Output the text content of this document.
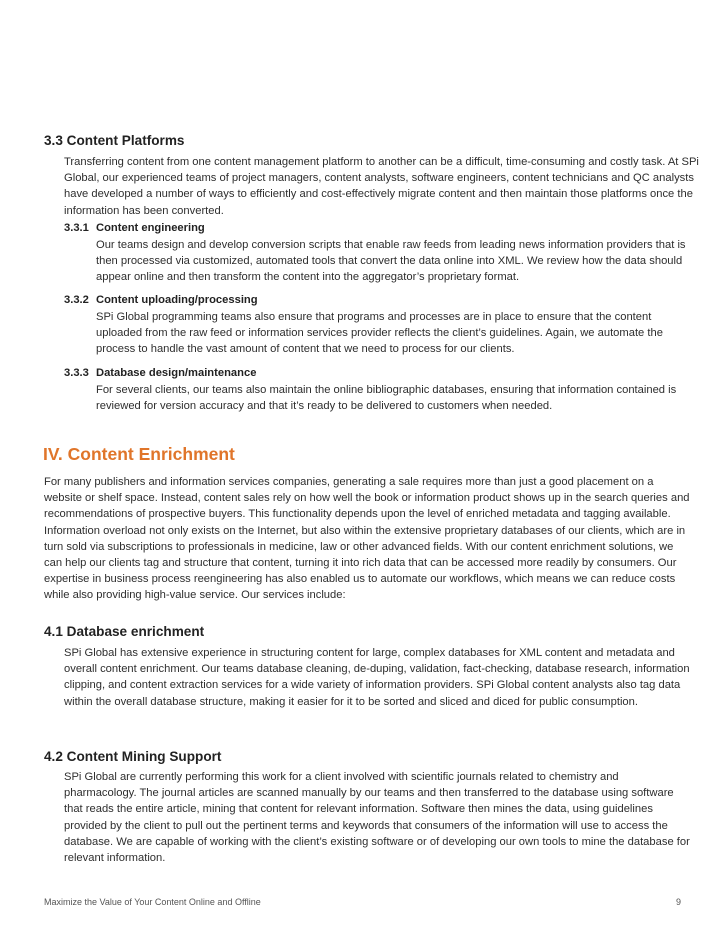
3.3 Content Platforms

Transferring content from one content management platform to another can be a difficult, time-consuming and costly task. At SPi Global, our experienced teams of project managers, content analysts, software engineers, content technicians and QC analysts have developed a number of ways to efficiently and cost-effectively migrate content and then maintain those platforms once the information has been converted.

3.3.1 Content engineering

Our teams design and develop conversion scripts that enable raw feeds from leading news information providers that is then processed via customized, automated tools that convert the data online into XML. We review how the data should appear online and then transform the content into the aggregator’s proprietary format.

3.3.2 Content uploading/processing

SPi Global programming teams also ensure that programs and processes are in place to ensure that the content uploaded from the raw feed or information services provider reflects the client’s guidelines. Again, we automate the process to handle the vast amount of content that we need to process for our clients.

3.3.3 Database design/maintenance

For several clients, our teams also maintain the online bibliographic databases, ensuring that information contained is reviewed for version accuracy and that it’s ready to be delivered to customers when needed.

IV. Content Enrichment

For many publishers and information services companies, generating a sale requires more than just a good placement on a website or shelf space. Instead, content sales rely on how well the book or information product shows up in the search queries and recommendations of prospective buyers. This functionality depends upon the level of enriched metadata and tagging available. Information overload not only exists on the Internet, but also within the extensive proprietary databases of our clients, which are in turn sold via subscriptions to professionals in medicine, law or other advanced fields. With our content enrichment solutions, we can help our clients tag and structure that content, turning it into rich data that can be accessed more readily by consumers. Our expertise in business process reengineering has also enabled us to automate our workflows, which means we can reduce costs while also providing high-value service. Our services include:

4.1 Database enrichment

SPi Global has extensive experience in structuring content for large, complex databases for XML content and metadata and overall content enrichment. Our teams database cleaning, de-duping, validation, fact-checking, database research, information clipping, and content extraction services for a wide variety of information providers. SPi Global content analysts also tag data within the overall database structure, making it easier for it to be sorted and sliced and diced for public consumption.

4.2 Content Mining Support

SPi Global are currently performing this work for a client involved with scientific journals related to chemistry and pharmacology. The journal articles are scanned manually by our teams and then transferred to the database using software that reads the entire article, mining that content for relevant information. Software then mines the data, using guidelines provided by the client to pull out the pertinent terms and keywords that consumers of the information will use to access the database. We are capable of working with the client’s existing software or of developing our own tools to mine the database for relevant information.

Maximize the Value of Your Content Online and Offline	9
